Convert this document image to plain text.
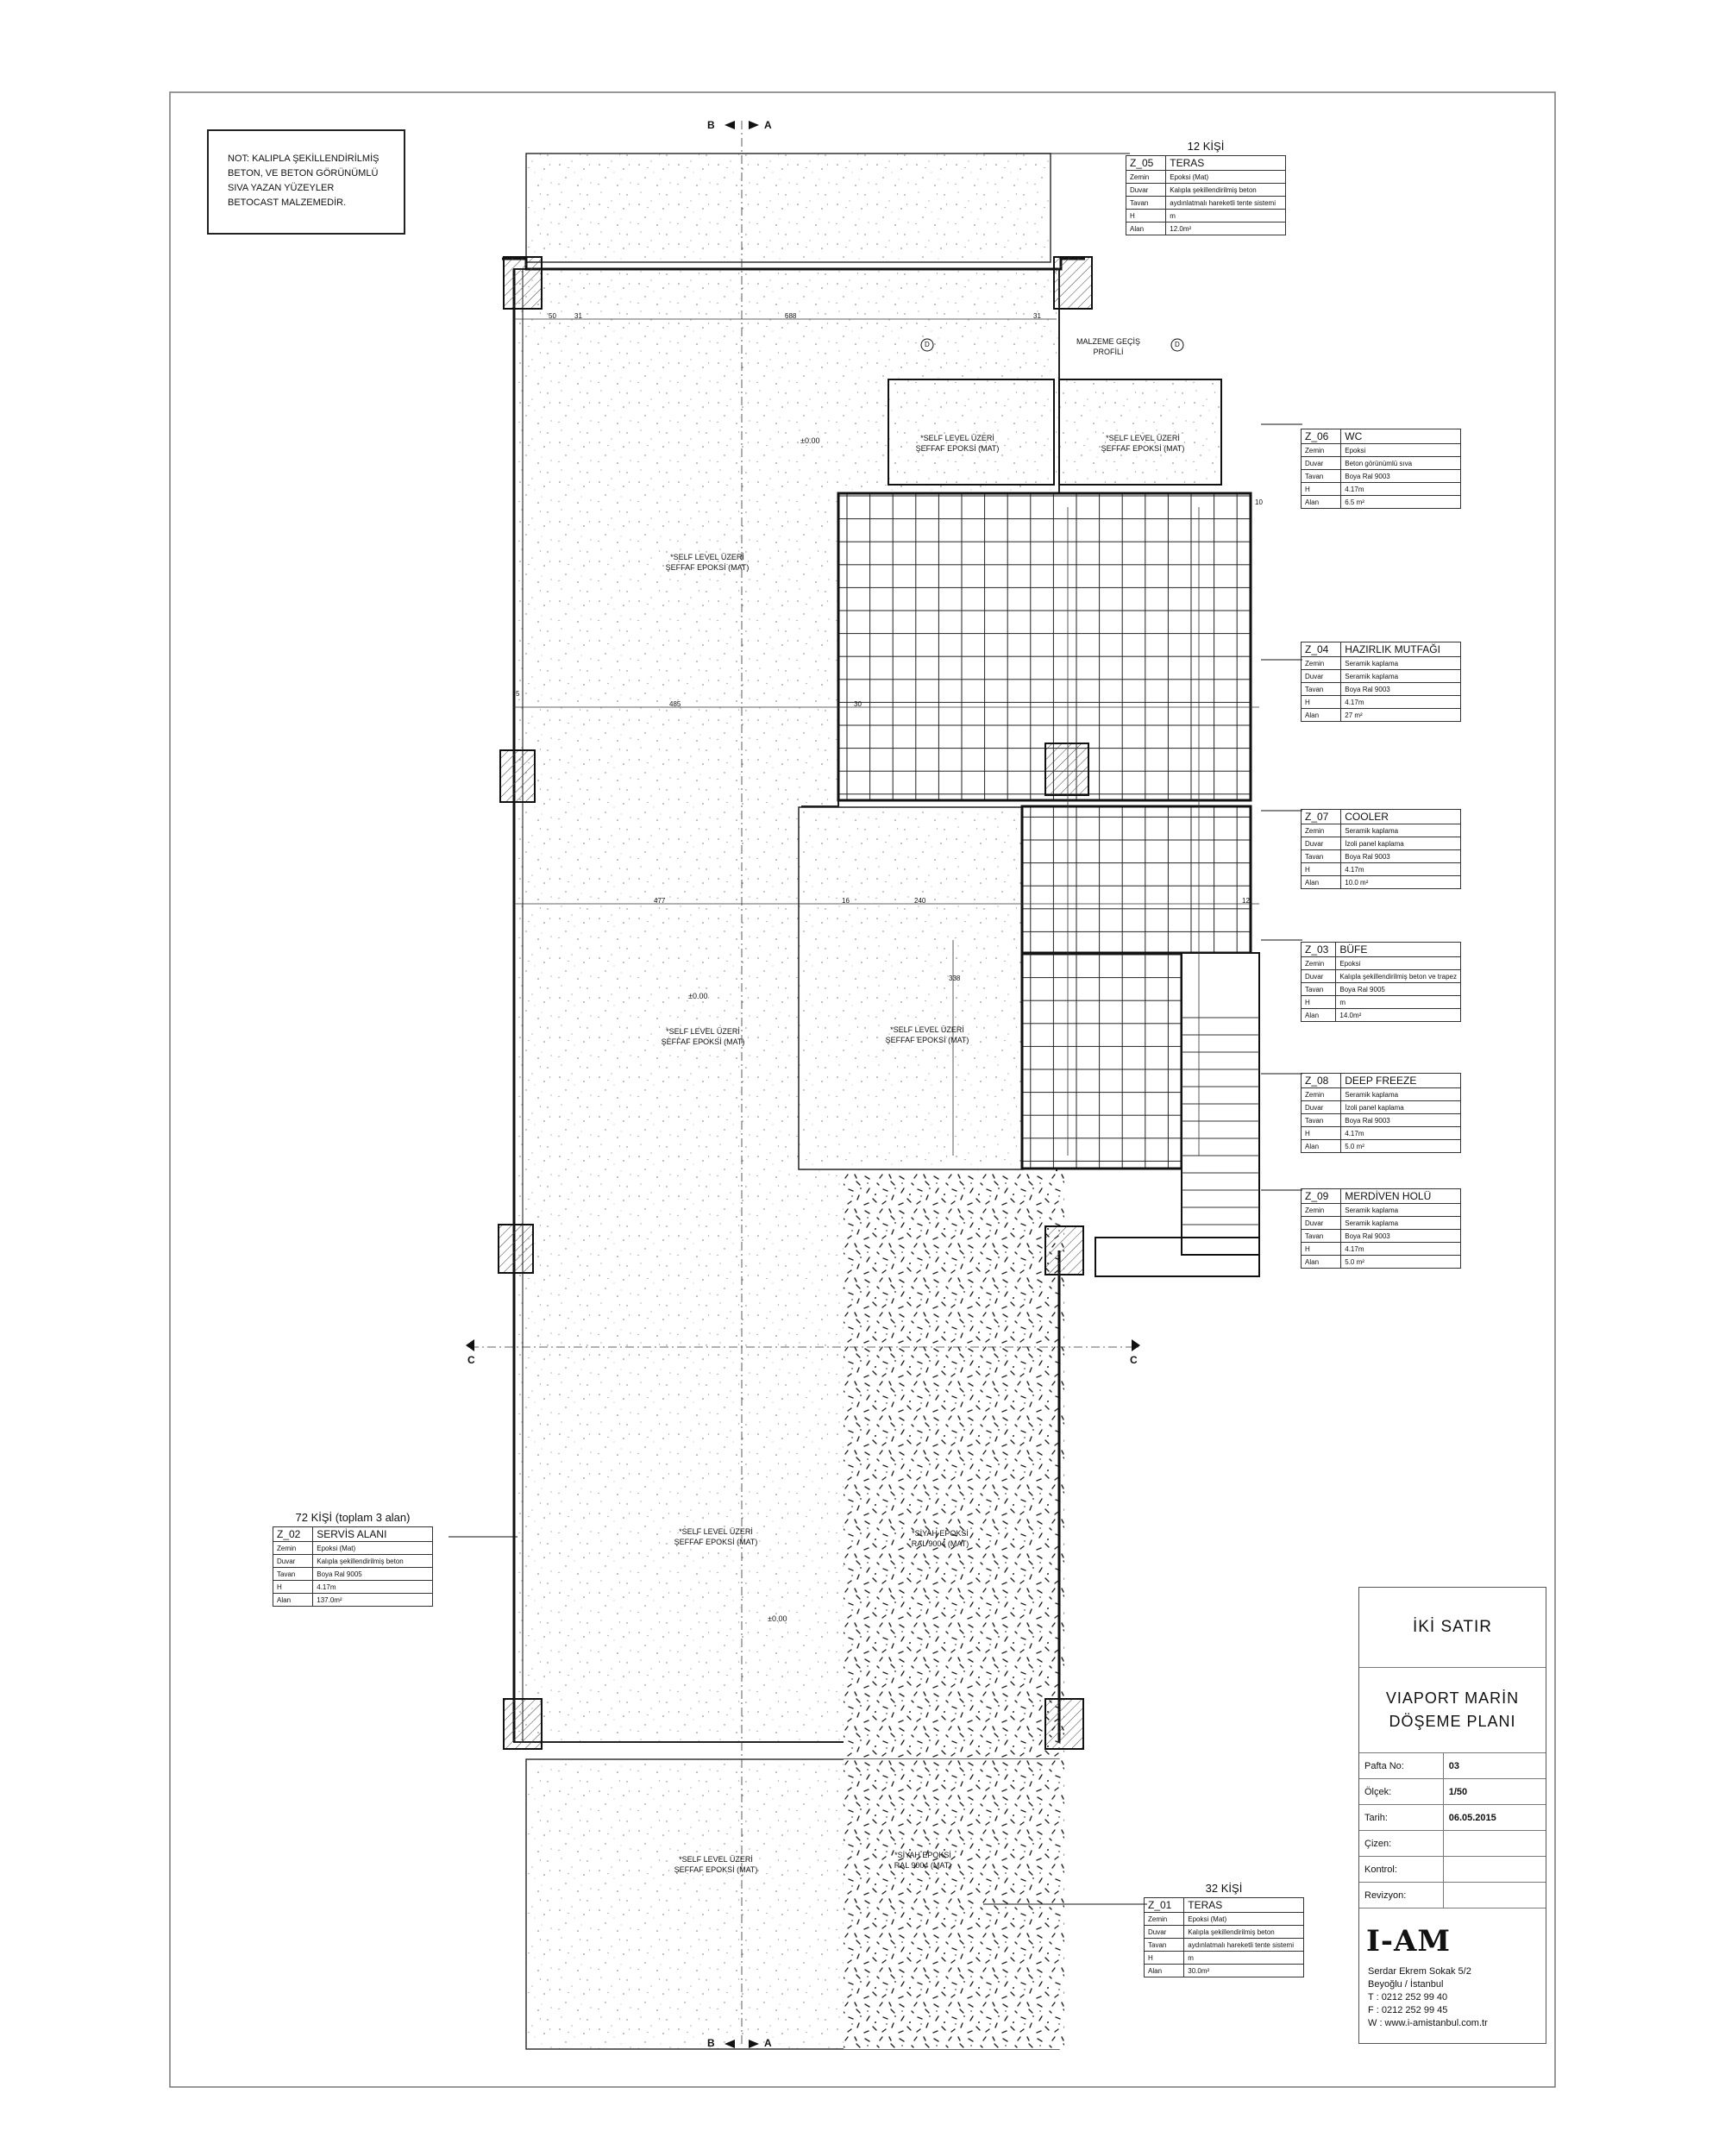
NOT: KALIPLA ŞEKİLLENDİRİLMİŞ
BETON, VE BETON GÖRÜNÜMLÜ
SIVA YAZAN YÜZEYLER
BETOCAST MALZEMEDİR.
B	A
B	A
C	C
D	D
50	31	688	31
485
477	16	240
338
5
30
10
12
±0.00
±0.00
±0.00
MALZEME GEÇİŞ
PROFİLİ
*SELF LEVEL ÜZERİ
ŞEFFAF EPOKSİ (MAT)
*SELF LEVEL ÜZERİ
ŞEFFAF EPOKSİ (MAT)
*SELF LEVEL ÜZERİ
ŞEFFAF EPOKSİ (MAT)
*SELF LEVEL ÜZERİ
ŞEFFAF EPOKSİ (MAT)
*SELF LEVEL ÜZERİ
ŞEFFAF EPOKSİ (MAT)
*SELF LEVEL ÜZERİ
ŞEFFAF EPOKSİ (MAT)
*SİYAH EPOKSİ
RAL 9004 (MAT)
*SELF LEVEL ÜZERİ
ŞEFFAF EPOKSİ (MAT)
*SİYAH EPOKSİ
RAL 9004 (MAT)
12 KİŞİ
Z_05	TERAS
Zemin	Epoksi (Mat)
Duvar	Kalıpla şekillendirilmiş beton
Tavan	aydınlatmalı hareketli tente sistemi
H	m
Alan	12.0m²
Z_06	WC
Zemin	Epoksi
Duvar	Beton görünümlü sıva
Tavan	Boya Ral 9003
H	4.17m
Alan	6.5 m²
Z_04	HAZIRLIK MUTFAĞI
Zemin	Seramik kaplama
Duvar	Seramik kaplama
Tavan	Boya Ral 9003
H	4.17m
Alan	27 m²
Z_07	COOLER
Zemin	Seramik kaplama
Duvar	İzoli panel kaplama
Tavan	Boya Ral 9003
H	4.17m
Alan	10.0 m²
Z_03	BÜFE
Zemin	Epoksi
Duvar	Kalıpla şekillendirilmiş beton ve trapez
Tavan	Boya Ral 9005
H	m
Alan	14.0m²
Z_08	DEEP FREEZE
Zemin	Seramik kaplama
Duvar	İzoli panel kaplama
Tavan	Boya Ral 9003
H	4.17m
Alan	5.0 m²
Z_09	MERDİVEN HOLÜ
Zemin	Seramik kaplama
Duvar	Seramik kaplama
Tavan	Boya Ral 9003
H	4.17m
Alan	5.0 m²
72 KİŞİ (toplam 3 alan)
Z_02	SERVİS ALANI
Zemin	Epoksi (Mat)
Duvar	Kalıpla şekillendirilmiş beton
Tavan	Boya Ral 9005
H	4.17m
Alan	137.0m²
32 KİŞİ
Z_01	TERAS
Zemin	Epoksi (Mat)
Duvar	Kalıpla şekillendirilmiş beton
Tavan	aydınlatmalı hareketli tente sistemi
H	m
Alan	30.0m²
İKİ SATIR
VIAPORT MARİN
DÖŞEME PLANI
Pafta No:	03
Ölçek:	1/50
Tarih:	06.05.2015
Çizen:	
Kontrol:	
Revizyon:	
I-AM
Serdar Ekrem Sokak 5/2
Beyoğlu / İstanbul
T : 0212 252 99 40
F : 0212 252 99 45
W : www.i-amistanbul.com.tr
